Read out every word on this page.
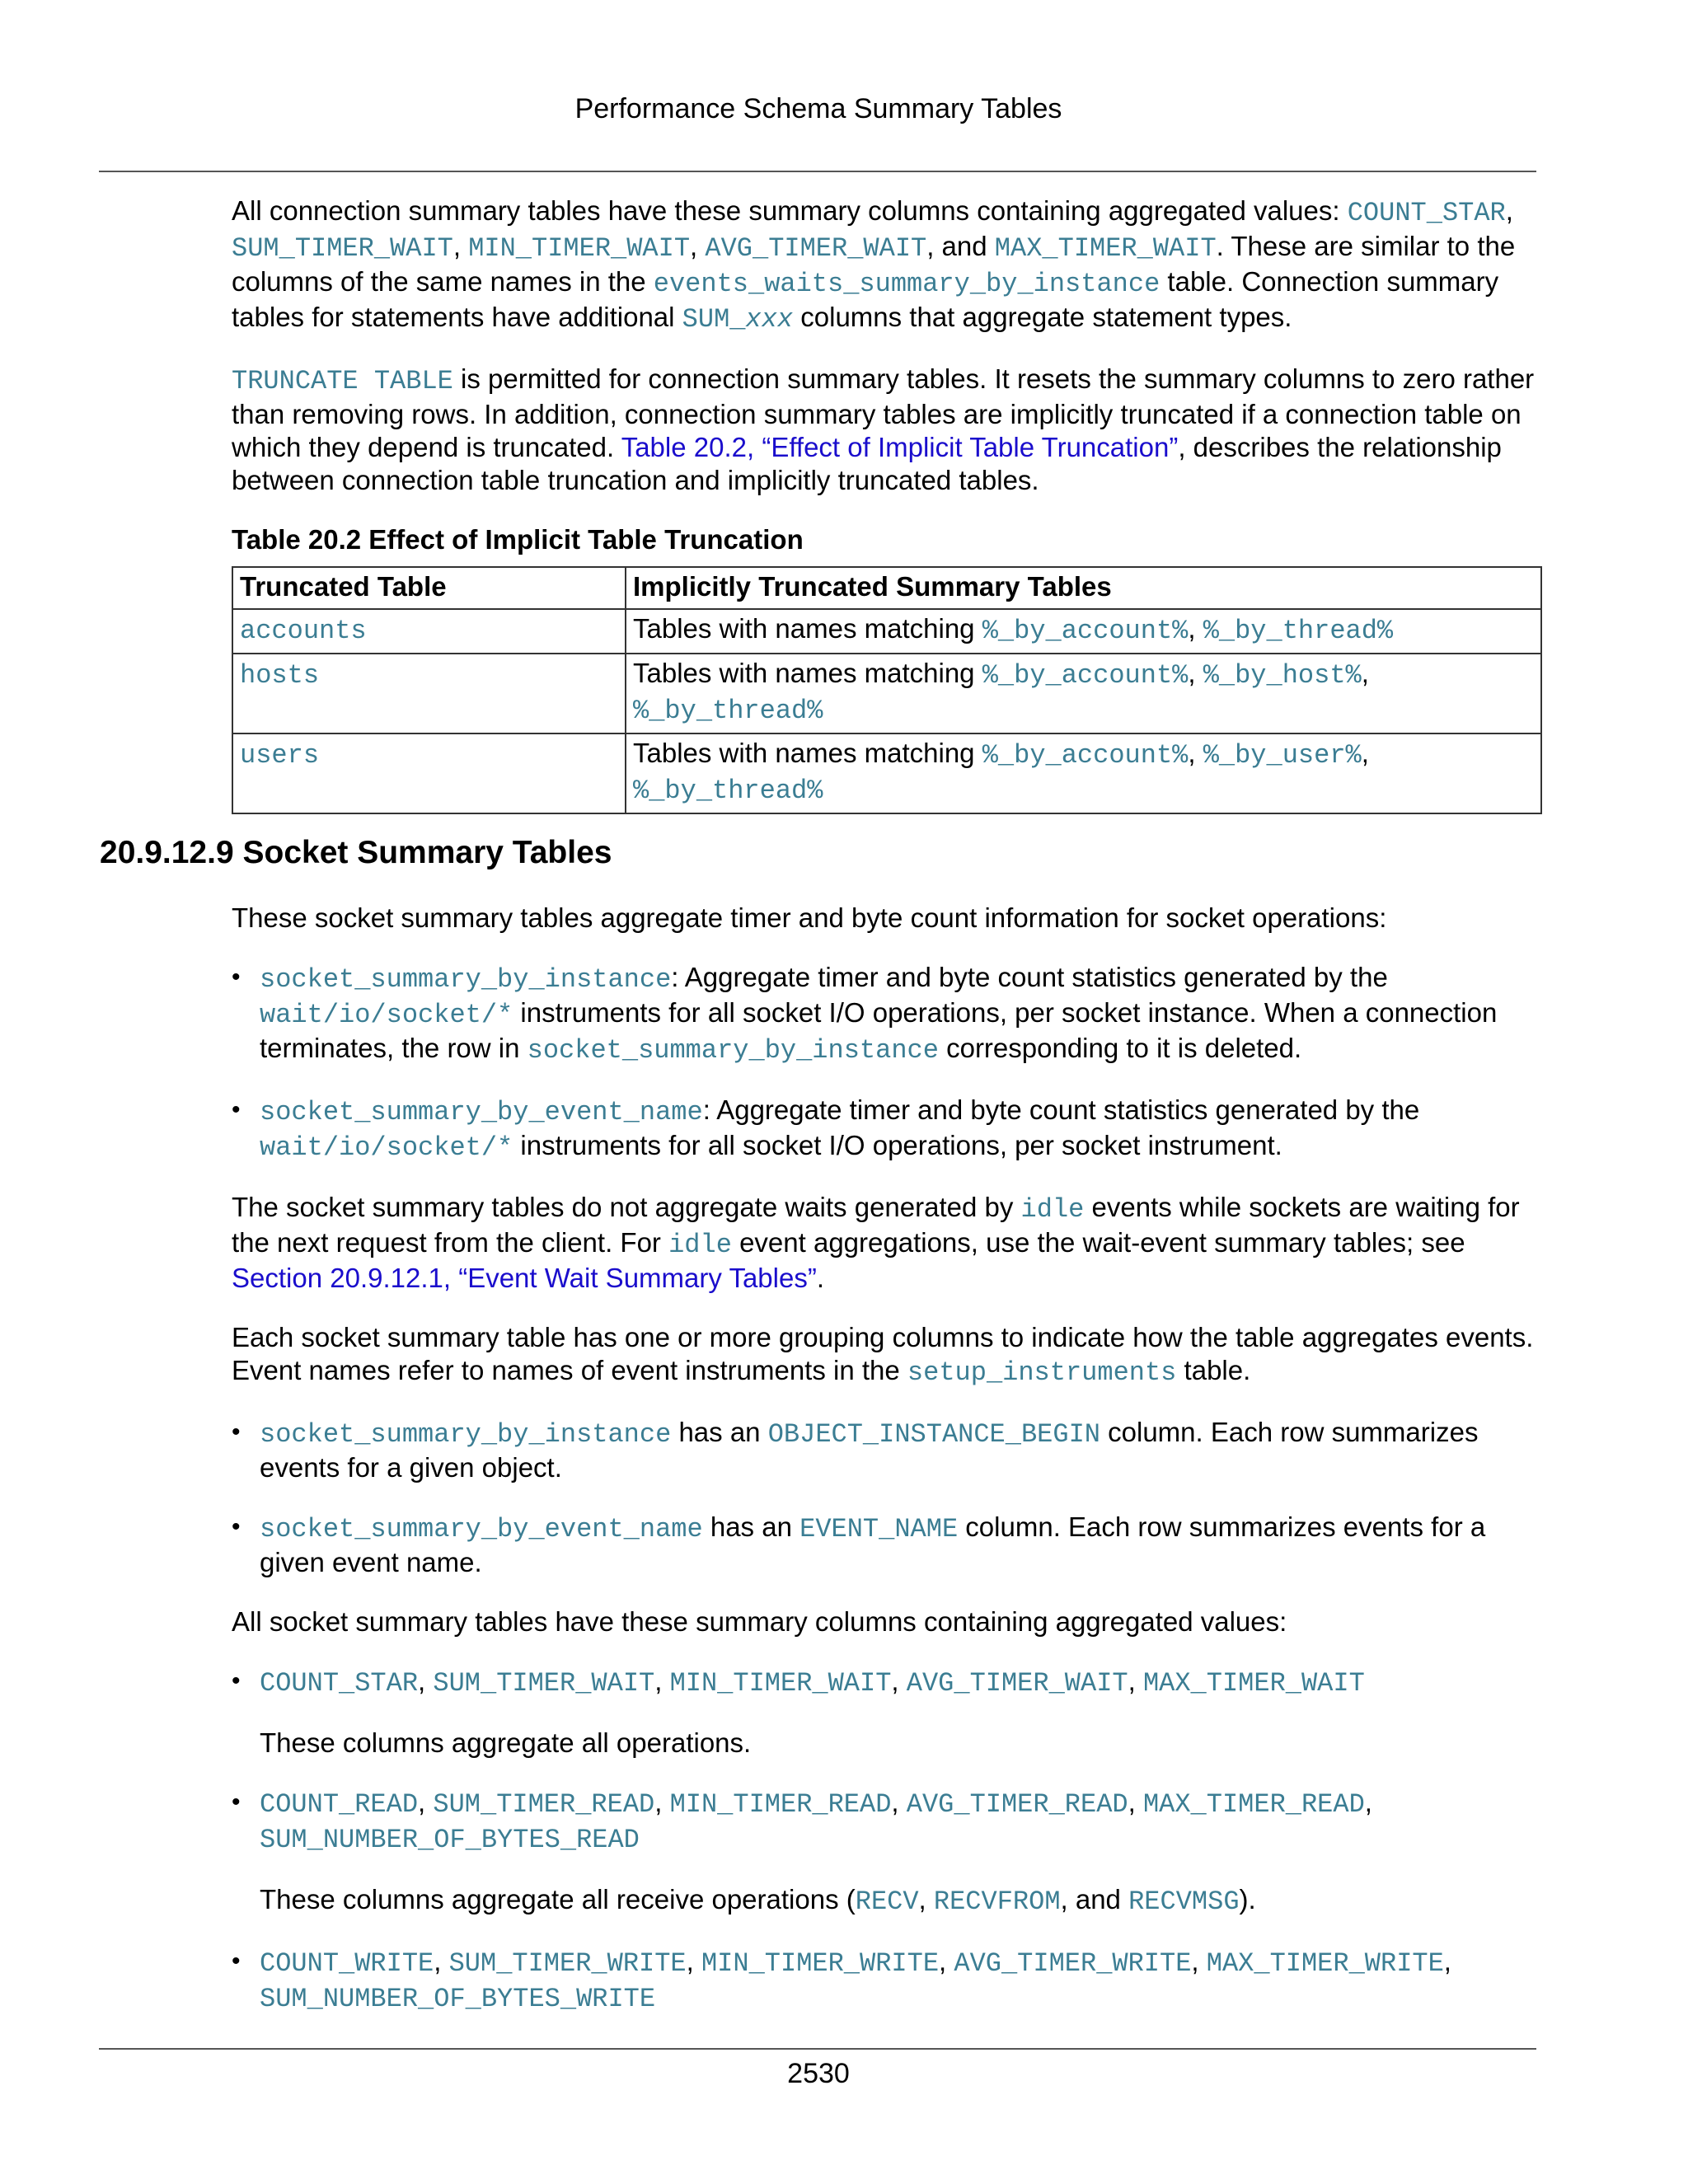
Performance Schema Summary Tables

All connection summary tables have these summary columns containing aggregated values: COUNT_STAR, SUM_TIMER_WAIT, MIN_TIMER_WAIT, AVG_TIMER_WAIT, and MAX_TIMER_WAIT. These are similar to the columns of the same names in the events_waits_summary_by_instance table. Connection summary tables for statements have additional SUM_xxx columns that aggregate statement types.

TRUNCATE TABLE is permitted for connection summary tables. It resets the summary columns to zero rather than removing rows. In addition, connection summary tables are implicitly truncated if a connection table on which they depend is truncated. Table 20.2, “Effect of Implicit Table Truncation”, describes the relationship between connection table truncation and implicitly truncated tables.

Table 20.2 Effect of Implicit Table Truncation
Truncated Table	Implicitly Truncated Summary Tables
accounts	Tables with names matching %_by_account%, %_by_thread%
hosts	Tables with names matching %_by_account%, %_by_host%,
%_by_thread%
users	Tables with names matching %_by_account%, %_by_user%,
%_by_thread%
20.9.12.9 Socket Summary Tables

These socket summary tables aggregate timer and byte count information for socket operations:

• socket_summary_by_instance: Aggregate timer and byte count statistics generated by the wait/io/socket/* instruments for all socket I/O operations, per socket instance. When a connection terminates, the row in socket_summary_by_instance corresponding to it is deleted.
• socket_summary_by_event_name: Aggregate timer and byte count statistics generated by the wait/io/socket/* instruments for all socket I/O operations, per socket instrument.

The socket summary tables do not aggregate waits generated by idle events while sockets are waiting for the next request from the client. For idle event aggregations, use the wait-event summary tables; see Section 20.9.12.1, “Event Wait Summary Tables”.

Each socket summary table has one or more grouping columns to indicate how the table aggregates events. Event names refer to names of event instruments in the setup_instruments table.

• socket_summary_by_instance has an OBJECT_INSTANCE_BEGIN column. Each row summarizes events for a given object.
• socket_summary_by_event_name has an EVENT_NAME column. Each row summarizes events for a given event name.

All socket summary tables have these summary columns containing aggregated values:

• COUNT_STAR, SUM_TIMER_WAIT, MIN_TIMER_WAIT, AVG_TIMER_WAIT, MAX_TIMER_WAIT
These columns aggregate all operations.
• COUNT_READ, SUM_TIMER_READ, MIN_TIMER_READ, AVG_TIMER_READ, MAX_TIMER_READ,
SUM_NUMBER_OF_BYTES_READ
These columns aggregate all receive operations (RECV, RECVFROM, and RECVMSG).
• COUNT_WRITE, SUM_TIMER_WRITE, MIN_TIMER_WRITE, AVG_TIMER_WRITE, MAX_TIMER_WRITE,
SUM_NUMBER_OF_BYTES_WRITE
2530
